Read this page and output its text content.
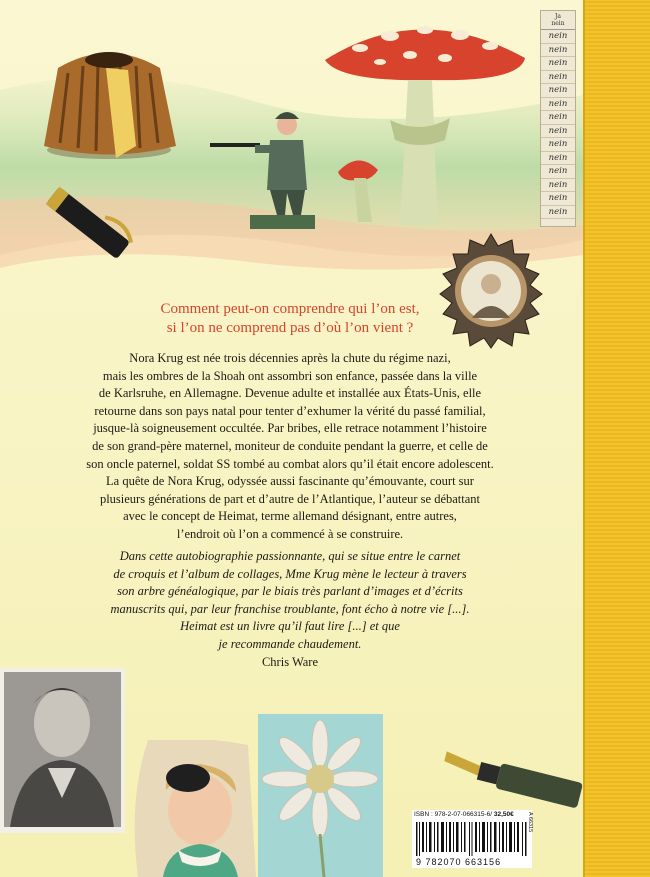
Ja
nein
nein
nein
nein
nein
nein
nein
nein
nein
nein
nein
nein
nein
nein
nein
Comment peut-on comprendre qui l’on est,
si l’on ne comprend pas d’où l’on vient ?
Nora Krug est née trois décennies après la chute du régime nazi,
mais les ombres de la Shoah ont assombri son enfance, passée dans la ville
de Karlsruhe, en Allemagne. Devenue adulte et installée aux États-Unis, elle
retourne dans son pays natal pour tenter d’exhumer la vérité du passé familial,
jusque-là soigneusement occultée. Par bribes, elle retrace notamment l’histoire
de son grand-père maternel, moniteur de conduite pendant la guerre, et celle de
son oncle paternel, soldat SS tombé au combat alors qu’il était encore adolescent.
La quête de Nora Krug, odyssée aussi fascinante qu’émouvante, court sur
plusieurs générations de part et d’autre de l’Atlantique, l’auteur se débattant
avec le concept de Heimat, terme allemand désignant, entre autres,
l’endroit où l’on a commencé à se construire.
Dans cette autobiographie passionnante, qui se situe entre le carnet
de croquis et l’album de collages, Mme Krug mène le lecteur à travers
son arbre généalogique, par le biais très parlant d’images et d’écrits
manuscrits qui, par leur franchise troublante, font écho à notre vie [...].
Heimat est un livre qu’il faut lire [...] et que
je recommande chaudement.
Chris Ware
ISBN : 978-2-07-066315-6/ 32,50€
9 782070 663156
A 66315
